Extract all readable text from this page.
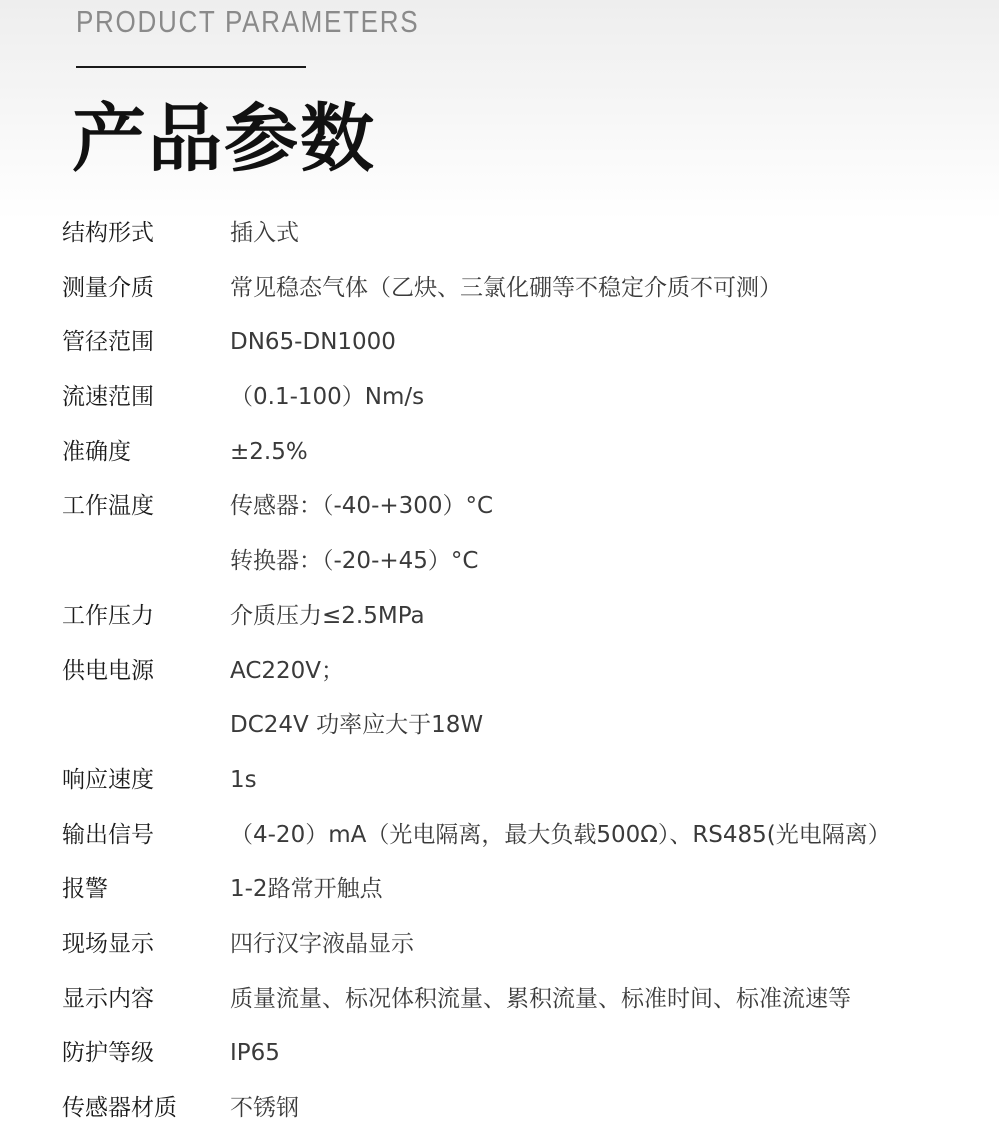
PRODUCT PARAMETERS
产品参数
结构形式	插入式
测量介质	常见稳态气体（乙炔、三氯化硼等不稳定介质不可测）
管径范围	DN65-DN1000
流速范围	（0.1-100）Nm/s
准确度	±2.5%
工作温度	传感器：（-40-+300）°C
转换器：（-20-+45）°C
工作压力	介质压力≤2.5MPa
供电电源	AC220V；
DC24V 功率应大于18W
响应速度	1s
输出信号	（4-20）mA（光电隔离，最大负载500Ω）、RS485(光电隔离）
报警	1-2路常开触点
现场显示	四行汉字液晶显示
显示内容	质量流量、标况体积流量、累积流量、标准时间、标准流速等
防护等级	IP65
传感器材质 不锈钢
